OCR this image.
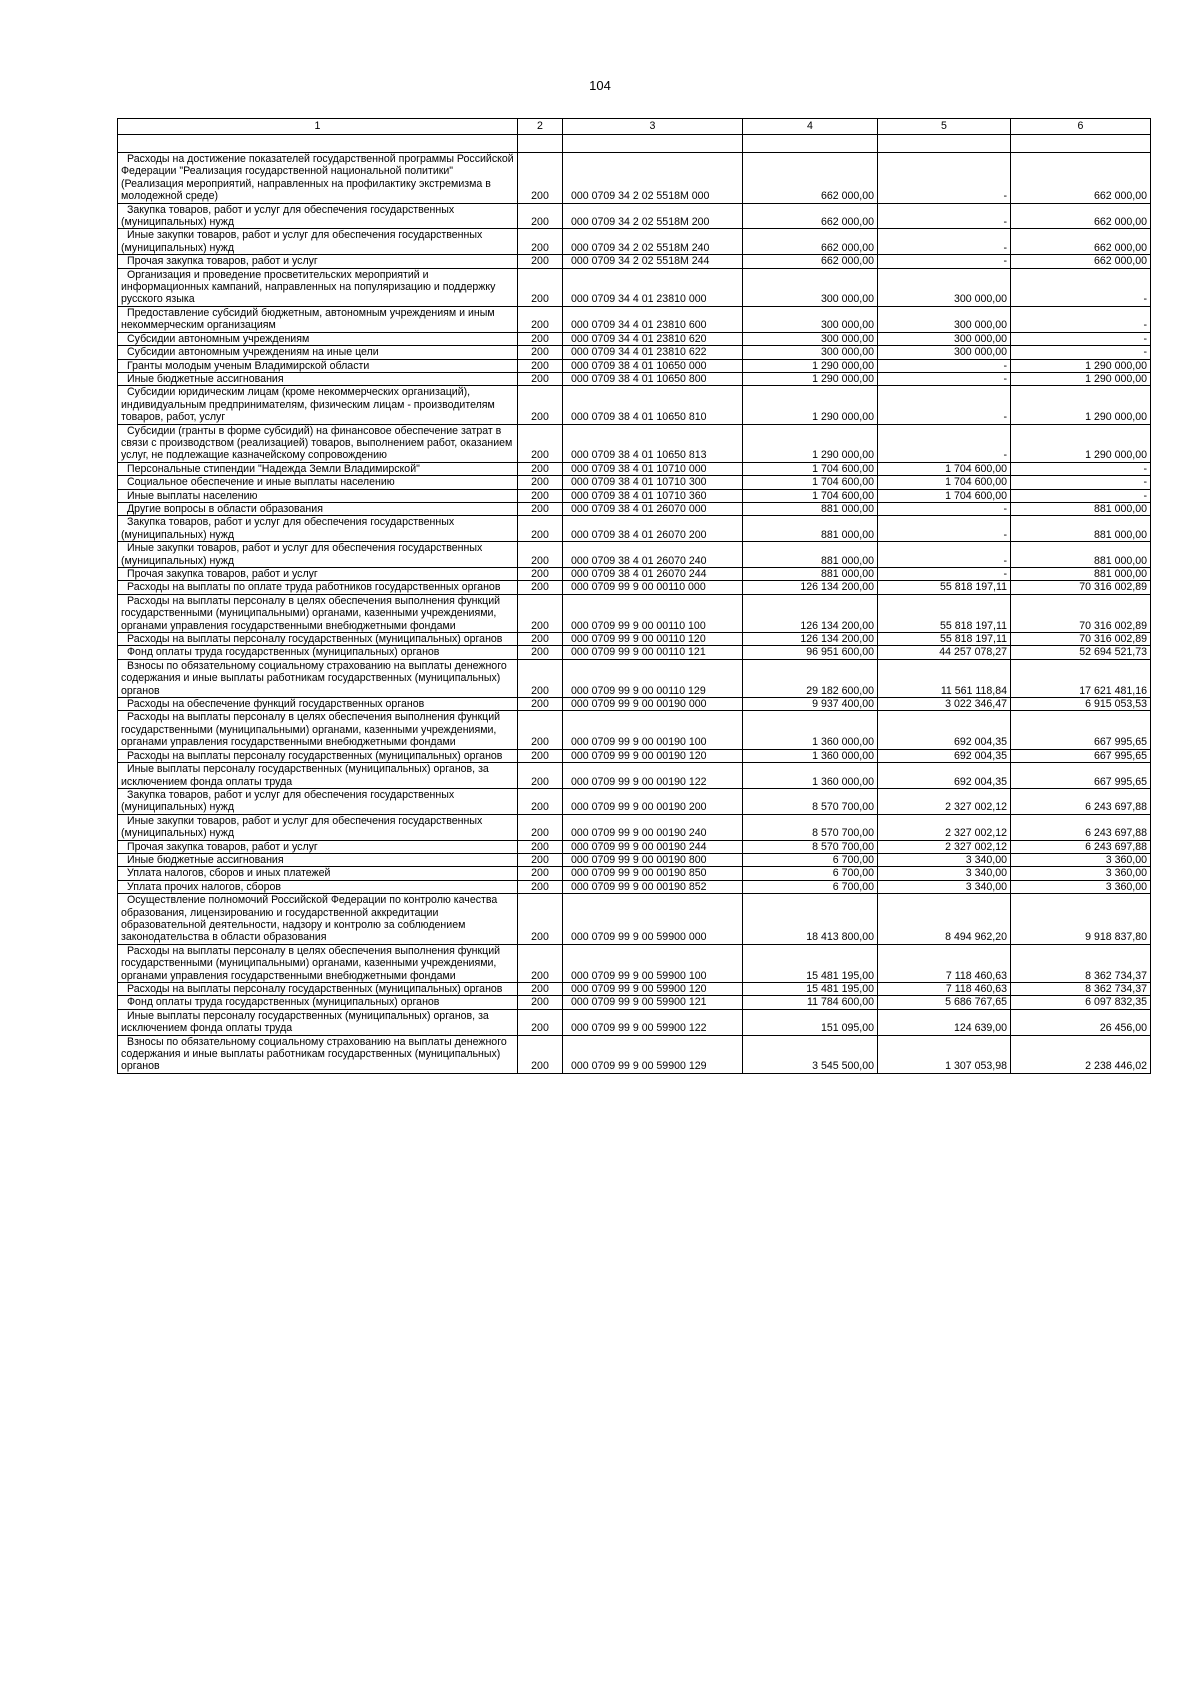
104
1	2	3	4	5	6

Расходы на достижение показателей государственной программы Российской Федерации "Реализация государственной национальной политики" (Реализация мероприятий, направленных на профилактику экстремизма в молодежной среде)	200	000 0709 34 2 02 5518M 000	662 000,00	-	662 000,00
Закупка товаров, работ и услуг для обеспечения государственных (муниципальных) нужд	200	000 0709 34 2 02 5518M 200	662 000,00	-	662 000,00
Иные закупки товаров, работ и услуг для обеспечения государственных (муниципальных) нужд	200	000 0709 34 2 02 5518M 240	662 000,00	-	662 000,00
Прочая закупка товаров, работ и услуг	200	000 0709 34 2 02 5518M 244	662 000,00	-	662 000,00
Организация и проведение просветительских мероприятий и информационных кампаний, направленных на популяризацию и поддержку русского языка	200	000 0709 34 4 01 23810 000	300 000,00	300 000,00	-
Предоставление субсидий бюджетным, автономным учреждениям и иным некоммерческим организациям	200	000 0709 34 4 01 23810 600	300 000,00	300 000,00	-
Субсидии автономным учреждениям	200	000 0709 34 4 01 23810 620	300 000,00	300 000,00	-
Субсидии автономным учреждениям на иные цели	200	000 0709 34 4 01 23810 622	300 000,00	300 000,00	-
Гранты молодым ученым Владимирской области	200	000 0709 38 4 01 10650 000	1 290 000,00	-	1 290 000,00
Иные бюджетные ассигнования	200	000 0709 38 4 01 10650 800	1 290 000,00	-	1 290 000,00
Субсидии юридическим лицам (кроме некоммерческих организаций), индивидуальным предпринимателям, физическим лицам - производителям товаров, работ, услуг	200	000 0709 38 4 01 10650 810	1 290 000,00	-	1 290 000,00
Субсидии (гранты в форме субсидий) на финансовое обеспечение затрат в связи с производством (реализацией) товаров, выполнением работ, оказанием услуг, не подлежащие казначейскому сопровождению	200	000 0709 38 4 01 10650 813	1 290 000,00	-	1 290 000,00
Персональные стипендии "Надежда Земли Владимирской"	200	000 0709 38 4 01 10710 000	1 704 600,00	1 704 600,00	-
Социальное обеспечение и иные выплаты населению	200	000 0709 38 4 01 10710 300	1 704 600,00	1 704 600,00	-
Иные выплаты населению	200	000 0709 38 4 01 10710 360	1 704 600,00	1 704 600,00	-
Другие вопросы в области образования	200	000 0709 38 4 01 26070 000	881 000,00	-	881 000,00
Закупка товаров, работ и услуг для обеспечения государственных (муниципальных) нужд	200	000 0709 38 4 01 26070 200	881 000,00	-	881 000,00
Иные закупки товаров, работ и услуг для обеспечения государственных (муниципальных) нужд	200	000 0709 38 4 01 26070 240	881 000,00	-	881 000,00
Прочая закупка товаров, работ и услуг	200	000 0709 38 4 01 26070 244	881 000,00	-	881 000,00
Расходы на выплаты по оплате труда работников государственных органов	200	000 0709 99 9 00 00110 000	126 134 200,00	55 818 197,11	70 316 002,89
Расходы на выплаты персоналу в целях обеспечения выполнения функций государственными (муниципальными) органами, казенными учреждениями, органами управления государственными внебюджетными фондами	200	000 0709 99 9 00 00110 100	126 134 200,00	55 818 197,11	70 316 002,89
Расходы на выплаты персоналу государственных (муниципальных) органов	200	000 0709 99 9 00 00110 120	126 134 200,00	55 818 197,11	70 316 002,89
Фонд оплаты труда государственных (муниципальных) органов	200	000 0709 99 9 00 00110 121	96 951 600,00	44 257 078,27	52 694 521,73
Взносы по обязательному социальному страхованию на выплаты денежного содержания и иные выплаты работникам государственных (муниципальных) органов	200	000 0709 99 9 00 00110 129	29 182 600,00	11 561 118,84	17 621 481,16
Расходы на обеспечение функций государственных органов	200	000 0709 99 9 00 00190 000	9 937 400,00	3 022 346,47	6 915 053,53
Расходы на выплаты персоналу в целях обеспечения выполнения функций государственными (муниципальными) органами, казенными учреждениями, органами управления государственными внебюджетными фондами	200	000 0709 99 9 00 00190 100	1 360 000,00	692 004,35	667 995,65
Расходы на выплаты персоналу государственных (муниципальных) органов	200	000 0709 99 9 00 00190 120	1 360 000,00	692 004,35	667 995,65
Иные выплаты персоналу государственных (муниципальных) органов, за исключением фонда оплаты труда	200	000 0709 99 9 00 00190 122	1 360 000,00	692 004,35	667 995,65
Закупка товаров, работ и услуг для обеспечения государственных (муниципальных) нужд	200	000 0709 99 9 00 00190 200	8 570 700,00	2 327 002,12	6 243 697,88
Иные закупки товаров, работ и услуг для обеспечения государственных (муниципальных) нужд	200	000 0709 99 9 00 00190 240	8 570 700,00	2 327 002,12	6 243 697,88
Прочая закупка товаров, работ и услуг	200	000 0709 99 9 00 00190 244	8 570 700,00	2 327 002,12	6 243 697,88
Иные бюджетные ассигнования	200	000 0709 99 9 00 00190 800	6 700,00	3 340,00	3 360,00
Уплата налогов, сборов и иных платежей	200	000 0709 99 9 00 00190 850	6 700,00	3 340,00	3 360,00
Уплата прочих налогов, сборов	200	000 0709 99 9 00 00190 852	6 700,00	3 340,00	3 360,00
Осуществление полномочий Российской Федерации по контролю качества образования, лицензированию и государственной аккредитации образовательной деятельности, надзору и контролю за соблюдением законодательства в области образования	200	000 0709 99 9 00 59900 000	18 413 800,00	8 494 962,20	9 918 837,80
Расходы на выплаты персоналу в целях обеспечения выполнения функций государственными (муниципальными) органами, казенными учреждениями, органами управления государственными внебюджетными фондами	200	000 0709 99 9 00 59900 100	15 481 195,00	7 118 460,63	8 362 734,37
Расходы на выплаты персоналу государственных (муниципальных) органов	200	000 0709 99 9 00 59900 120	15 481 195,00	7 118 460,63	8 362 734,37
Фонд оплаты труда государственных (муниципальных) органов	200	000 0709 99 9 00 59900 121	11 784 600,00	5 686 767,65	6 097 832,35
Иные выплаты персоналу государственных (муниципальных) органов, за исключением фонда оплаты труда	200	000 0709 99 9 00 59900 122	151 095,00	124 639,00	26 456,00
Взносы по обязательному социальному страхованию на выплаты денежного содержания и иные выплаты работникам государственных (муниципальных) органов	200	000 0709 99 9 00 59900 129	3 545 500,00	1 307 053,98	2 238 446,02
